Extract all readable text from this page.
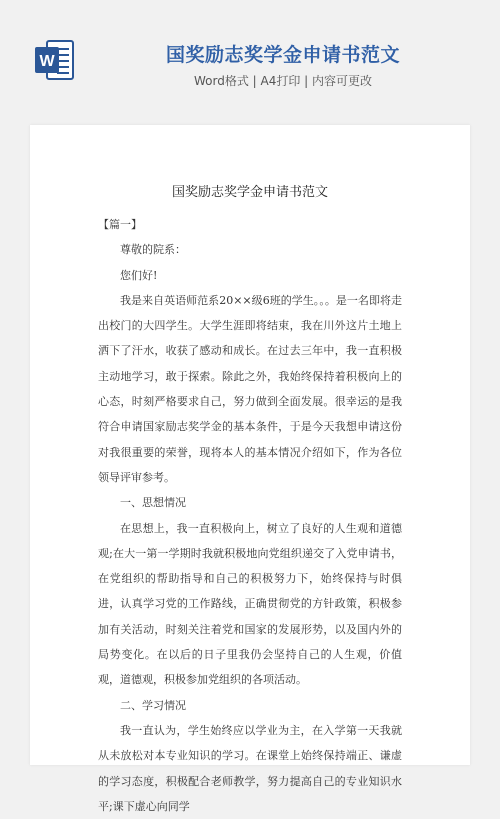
W	国奖励志奖学金申请书范文
Word格式 | A4打印 | 内容可更改
国奖励志奖学金申请书范文

【篇一】

尊敬的院系：

您们好!

我是来自英语师范系20××级6班的学生。。。是一名即将走出校门的大四学生。大学生涯即将结束，我在川外这片土地上洒下了汗水，收获了感动和成长。在过去三年中，我一直积极主动地学习，敢于探索。除此之外，我始终保持着积极向上的心态，时刻严格要求自己，努力做到全面发展。很幸运的是我符合申请国家励志奖学金的基本条件，于是今天我想申请这份对我很重要的荣誉，现将本人的基本情况介绍如下，作为各位领导评审参考。

一、思想情况

在思想上，我一直积极向上，树立了良好的人生观和道德观;在大一第一学期时我就积极地向党组织递交了入党申请书，在党组织的帮助指导和自己的积极努力下，始终保持与时俱进，认真学习党的工作路线，正确贯彻党的方针政策，积极参加有关活动，时刻关注着党和国家的发展形势，以及国内外的局势变化。在以后的日子里我仍会坚持自己的人生观，价值观，道德观，积极参加党组织的各项活动。

二、学习情况

我一直认为，学生始终应以学业为主，在入学第一天我就从未放松对本专业知识的学习。在课堂上始终保持端正、谦虚的学习态度，积极配合老师教学，努力提高自己的专业知识水平;课下虚心向同学
